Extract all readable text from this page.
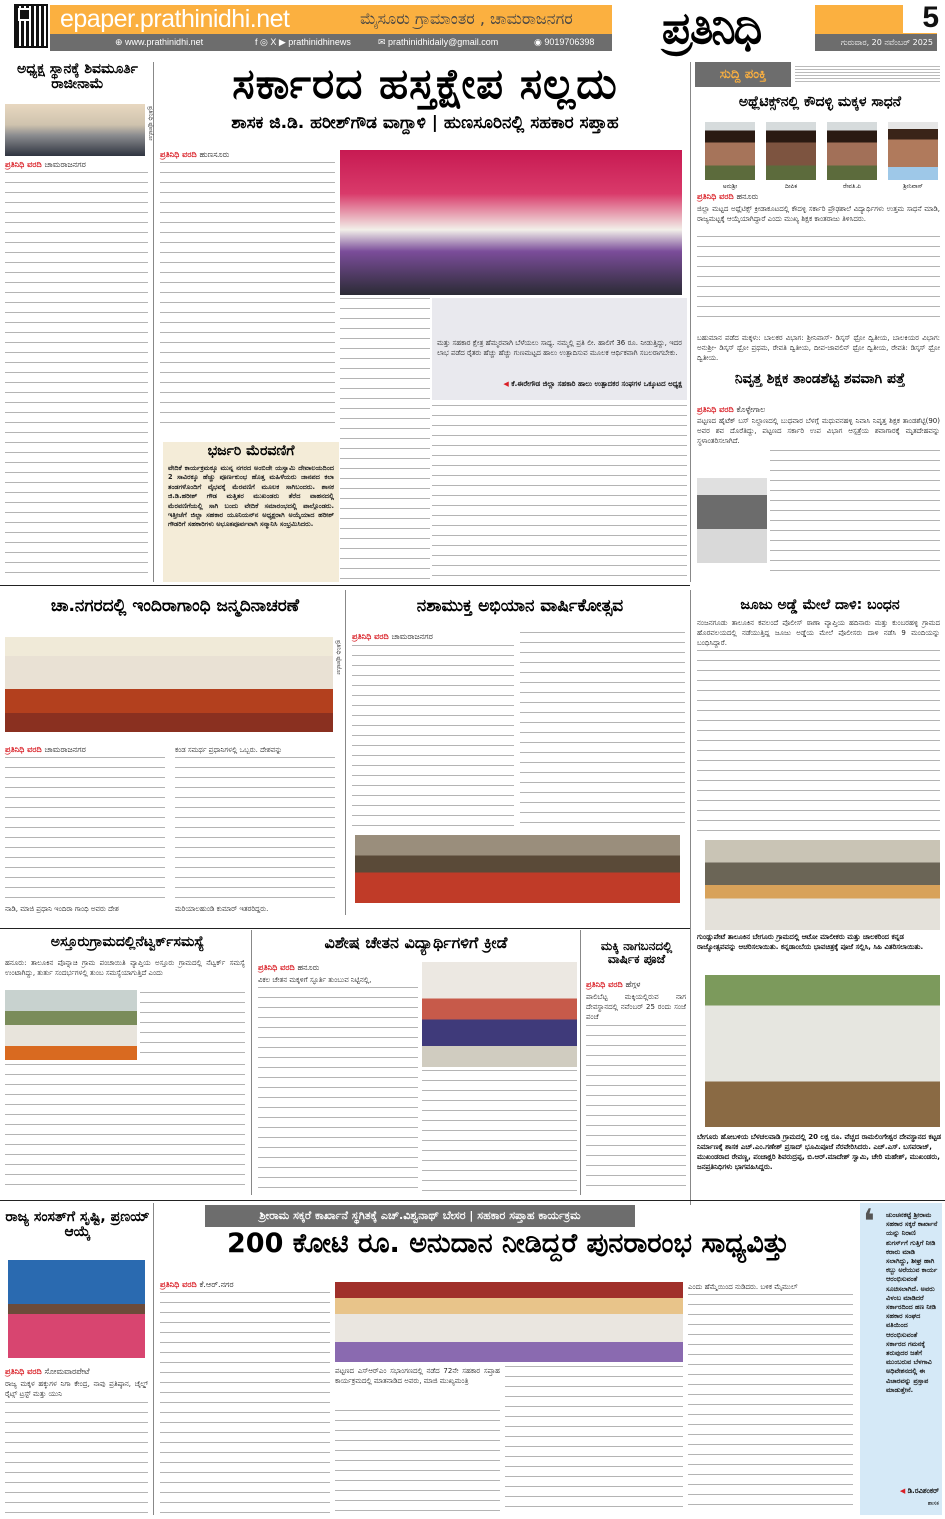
epaper.prathinidhi.net	ಮೈಸೂರು ಗ್ರಾಮಾಂತರ , ಚಾಮರಾಜನಗರ
⊕ www.prathinidhi.net	f ◎ X ▶ prathinidhinews	✉ prathinidhidaily@gmail.com	◉ 9019706398	ಪ್ರತಿನಿಧಿ	5
ಗುರುವಾರ, 20 ನವೆಂಬರ್ 2025
ಅಧ್ಯಕ್ಷ ಸ್ಥಾನಕ್ಕೆ ಶಿವಮೂರ್ತಿ ರಾಜೀನಾಮೆ
ಪ್ರತಿನಿಧಿ ಫೋಟೋ
ಪ್ರತಿನಿಧಿ ವರದಿ ಚಾಮರಾಜನಗರ
ಸರ್ಕಾರದ ಹಸ್ತಕ್ಷೇಪ ಸಲ್ಲದು
ಶಾಸಕ ಜಿ.ಡಿ. ಹರೀಶ್‌ಗೌಡ ವಾಗ್ದಾಳಿ | ಹುಣಸೂರಿನಲ್ಲಿ ಸಹಕಾರ ಸಪ್ತಾಹ
ಪ್ರತಿನಿಧಿ ವರದಿ ಹುಣಸೂರು
ಮತ್ತು ಸಹಕಾರ ಕ್ಷೇತ್ರ ಹೆಮ್ಮರವಾಗಿ ಬೆಳೆಯಲು ಸಾಧ್ಯ. ನಮ್ಮಲ್ಲಿ ಪ್ರತಿ ಲೀ. ಹಾಲಿಗೆ 36 ರೂ. ನೀಡುತ್ತಿದ್ದು, ಇದರ ಲಾಭ ಪಡೆದ ರೈತರು ಹೆಚ್ಚು ಹೆಚ್ಚು ಗುಣಮಟ್ಟದ ಹಾಲು ಉತ್ಪಾದಿಸುವ ಮೂಲಕ ಆರ್ಥಿಕವಾಗಿ ಸಬಲರಾಗಬೇಕು.
◀ ಕೆ.ಈರೇಗೌಡ ಜಿಲ್ಲಾ ಸಹಕಾರಿ ಹಾಲು ಉತ್ಪಾದಕರ ಸಂಘಗಳ ಒಕ್ಕೂಟದ ಅಧ್ಯಕ್ಷ
ಭರ್ಜರಿ ಮೆರವಣಿಗೆ
ವೇದಿಕೆ ಕಾರ್ಯಕ್ರಮಕ್ಕೂ ಮುನ್ನ ನಗರದ ಅಂಬಿಜೇ ಯಸ್ವಾಮಿ ದೇವಾಲಯದಿಂದ 2 ಸಾವಿರಕ್ಕೂ ಹೆಚ್ಚು ಪೂರ್ಣಕುಂಭ ಹೊತ್ತ ಮಹಿಳೆಯರು ಜಾನಪದ ಕಲಾ ತಂಡಗಳೊಂದಿಗೆ ವೈಭವಕ್ಕೆ ಮೆರವಣಿಗೆ ಮೂಲಕ ಸಾಗಿಬಂದರು. ಶಾಸಕ ಜಿ.ಡಿ.ಹರೀಶ್ ಗೌಡ ಮತ್ತಿತರ ಮುಖಂಡರು ತೆರೆದ ವಾಹನದಲ್ಲಿ ಮೆರವಣಿಗೆಯಲ್ಲಿ ಸಾಗಿ ಬಂದು ವೇದಿಕೆ ಸಮಾರಂಭದಲ್ಲಿ ಪಾಲ್ಗೊಂಡರು. ಇತ್ತೀಚೆಗೆ ಜಿಲ್ಲಾ ಸಹಕಾರ ಯೂನಿಯನ್‌ನ ಅಧ್ಯಕ್ಷರಾಗಿ ಅಯ್ಕೆಯಾದ ಹರೀಶ್ ಗೌಡರಿಗೆ ಸಹಕಾರಿಗಳು ಅಭೂತಪೂರ್ವವಾಗಿ ಸನ್ಮಾನಿಸಿ ಸಂಭ್ರಮಿಸಿದರು.
ಸುದ್ದಿ ಪಂಕ್ತಿ
ಅಥ್ಲೆಟಿಕ್ಸ್‌ನಲ್ಲಿ ಕೌದಳ್ಳಿ ಮಕ್ಕಳ ಸಾಧನೆ
ಅನುಶ್ರೀ	ದೀಪಿಕ	ರೇವತಿ.ಪಿ	ಶ್ರೀನಿವಾಸ್
ಪ್ರತಿನಿಧಿ ವರದಿ ಹನೂರು
ಜಿಲ್ಲಾ ಮಟ್ಟದ ಅಥ್ಲೆಟಿಕ್ಸ್ ಕ್ರೀಡಾಕೂಟದಲ್ಲಿ ಕೌದಳ್ಳಿ ಸರ್ಕಾರಿ ಪ್ರೌಢಶಾಲೆ ವಿದ್ಯಾರ್ಥಿಗಳು ಉತ್ತಮ ಸಾಧನೆ ಮಾಡಿ, ರಾಜ್ಯಮಟ್ಟಕ್ಕೆ ಆಯ್ಕೆಯಾಗಿದ್ದಾರೆ ಎಂದು ಮುಖ್ಯ ಶಿಕ್ಷಕ ಕಾಂತರಾಜು ತಿಳಿಸಿದರು.
ಬಹುಮಾನ ಪಡೆದ ಮಕ್ಕಳು: ಬಾಲಕರ ವಿಭಾಗ: ಶ್ರೀನಿವಾಸ್- ಡಿಸ್ಕಸ್ ಥ್ರೋ ದ್ವಿತೀಯ, ಬಾಲಕಿಯರ ವಿಭಾಗ: ಅನುಶ್ರೀ- ಡಿಸ್ಕಸ್ ಥ್ರೋ ಪ್ರಥಮ, ರೇವತಿ ದ್ವಿತೀಯ, ದೀಪ-ಜಾವಲಿನ್ ಥ್ರೋ ದ್ವಿತೀಯ, ರೇವತಿ: ಡಿಸ್ಕಸ್ ಥ್ರೋ ದ್ವಿತೀಯ.
ನಿವೃತ್ತ ಶಿಕ್ಷಕ ತಾಂಡಶೆಟ್ಟಿ ಶವವಾಗಿ ಪತ್ತೆ
ಪ್ರತಿನಿಧಿ ವರದಿ ಕೊಳ್ಳೇಗಾಲ
ಪಟ್ಟಣದ ಹೈಟೆಕ್ ಬಸ್ ನಿಲ್ದಾಣದಲ್ಲಿ ಬುಧವಾರ ಬೆಳಗ್ಗೆ ಮಧುವನಹಳ್ಳಿ ನಿವಾಸಿ ನಿವೃತ್ತ ಶಿಕ್ಷಕ ತಾಂಡಶೆಟ್ಟಿ(90) ಅವರ ಶವ ದೊರೆತಿದ್ದು, ಪಟ್ಟಣದ ಸರ್ಕಾರಿ ಉಪ ವಿಭಾಗ ಆಸ್ಪತ್ರೆಯ ಶವಾಗಾರಕ್ಕೆ ಮೃತದೇಹವನ್ನು ಸ್ಥಳಾಂತರಿಸಲಾಗಿದೆ.
ಚಾ.ನಗರದಲ್ಲಿ ಇಂದಿರಾಗಾಂಧಿ ಜನ್ಮದಿನಾಚರಣೆ
ಪ್ರತಿನಿಧಿ ಫೋಟೋ
ಪ್ರತಿನಿಧಿ ವರದಿ ಚಾಮರಾಜನಗರ	ಕಂಡ ಸಮರ್ಥ ಪ್ರಧಾನಿಗಳಲ್ಲಿ ಒಬ್ಬರು. ದೇಶವನ್ನು
ನಾಡಿ, ಮಾಜಿ ಪ್ರಧಾನಿ ಇಂದಿರಾ ಗಾಂಧಿ ಅವರು ದೇಶ	ಮರಿಯಾಲಹುಂಡಿ ಕುಮಾರ್ ಇತರರಿದ್ದರು.
ನಶಾಮುಕ್ತ ಅಭಿಯಾನ ವಾರ್ಷಿಕೋತ್ಸವ
ಪ್ರತಿನಿಧಿ ವರದಿ ಚಾಮರಾಜನಗರ
ಜೂಜು ಅಡ್ಡೆ ಮೇಲೆ ದಾಳಿ: ಬಂಧನ
ನಂಜನಗೂಡು ತಾಲೂಕಿನ ಕವಲಂದೆ ಪೊಲೀಸ್ ಠಾಣಾ ವ್ಯಾಪ್ತಿಯ ಹದಿನಾರು ಮತ್ತು ಕುಂಬರಹಳ್ಳಿ ಗ್ರಾಮದ ಹೊರವಲಯದಲ್ಲಿ ನಡೆಯುತ್ತಿದ್ದ ಜೂಜು ಅಡ್ಡೆಯ ಮೇಲೆ ಪೊಲೀಸರು ದಾಳಿ ನಡೆಸಿ 9 ಮಂದಿಯನ್ನು ಬಂಧಿಸಿದ್ದಾರೆ.
ಗುಂಡ್ಲುಪೇಟೆ ತಾಲೂಕಿನ ಬೇಗೂರು ಗ್ರಾಮದಲ್ಲಿ ಆಟೋ ಮಾಲೀಕರು ಮತ್ತು ಚಾಲಕರಿಂದ ಕನ್ನಡ ರಾಜ್ಯೋತ್ಸವವನ್ನು ಆಚರಿಸಲಾಯಿತು. ಕನ್ನಡಾಂಬೆಯ ಭಾವಚಿತ್ರಕ್ಕೆ ಪೂಜೆ ಸಲ್ಲಿಸಿ, ಸಿಹಿ ವಿತರಿಸಲಾಯಿತು.
ಅಸ್ತೂರುಗ್ರಾಮದಲ್ಲಿನೆಟ್ವರ್ಕ್‌ಸಮಸ್ಯೆ
ಹನೂರು: ತಾಲೂಕಿನ ಪೊನ್ನಾಚಿ ಗ್ರಾಮ ಪಂಚಾಯಿತಿ ವ್ಯಾಪ್ತಿಯ ಅಸ್ತೂರು ಗ್ರಾಮದಲ್ಲಿ ನೆಟ್ವರ್ಕ್ ಸಮಸ್ಯೆ ಉಂಟಾಗಿದ್ದು, ತುರ್ತು ಸಂದರ್ಭಗಳಲ್ಲಿ ತುಂಬ ಸಮಸ್ಯೆಯಾಗುತ್ತಿದೆ ಎಂದು
ವಿಶೇಷ ಚೇತನ ವಿದ್ಯಾರ್ಥಿಗಳಿಗೆ ಕ್ರೀಡೆ
ಪ್ರತಿನಿಧಿ ವರದಿ ಹನೂರು
ವಿಕಲ ಚೇತನ ಮಕ್ಕಳಿಗೆ ಸ್ಫೂರ್ತಿ ತುಂಬುವ ನಿಟ್ಟಿನಲ್ಲಿ,
ಮಕ್ಕಿ ನಾಗಬನದಲ್ಲಿ ವಾರ್ಷಿಕ ಪೂಜೆ
ಪ್ರತಿನಿಧಿ ವರದಿ ಹೆಗ್ಗಳ
ಪಾಲಿಬೆಟ್ಟ ಮಕ್ಕಿಯಲ್ಲಿರುವ ನಾಗ ದೇವಸ್ಥಾನದಲ್ಲಿ ನವೆಂಬರ್ 25 ರಂದು ಸಂಜೆ ಪಂಚೆ
ಬೇಗೂರು ಹೋಬಳಿಯ ಬೆಳಚಲವಾಡಿ ಗ್ರಾಮದಲ್ಲಿ 20 ಲಕ್ಷ ರೂ. ವೆಚ್ಚದ ರಾಮಲಿಂಗೇಶ್ವರ ದೇವಸ್ಥಾನದ ಕಟ್ಟಡ ನಿರ್ಮಾಣಕ್ಕೆ ಶಾಸಕ ಎಚ್.ಎಂ.ಗಣೇಶ್ ಪ್ರಸಾದ್ ಭೂಮಿಪೂಜೆ ನೆರವೇರಿಸಿದರು. ಎಚ್.ಎಸ್. ಬಸವರಾಜ್, ಮುಖಂಡರಾದ ರೇವಣ್ಣ, ಪಂಚಾಕ್ಷರಿ ಶಿವರುದ್ರಪ್ಪ, ಬಿ.ಆರ್.ಮಾದೇಶ್ ಸ್ವಾಮಿ, ಚೇರಿ ಮಹೇಶ್, ಮುಖಂಡರು, ಜನಪ್ರತಿನಿಧಿಗಳು ಭಾಗವಹಿಸಿದ್ದರು.
ರಾಜ್ಯ ಸಂಸತ್‌ಗೆ ಸೃಷ್ಟಿ, ಪ್ರಣಯ್ ಆಯ್ಕೆ
ಪ್ರತಿನಿಧಿ ವರದಿ ಸೋಮವಾರಪೇಟೆ
ರಾಜ್ಯ ಮಕ್ಕಳ ಹಕ್ಕುಗಳ ನಿಗಾ ಕೇಂದ್ರ, ನಾವು ಪ್ರತಿಷ್ಠಾನ, ಚೈಲ್ಡ್ ರೈಟ್ಸ್ ಟ್ರಸ್ಟ್ ಮತ್ತು ಯುನಿ
ಶ್ರೀರಾಮ ಸಕ್ಕರೆ ಕಾರ್ಖಾನೆ ಸ್ಥಗಿತಕ್ಕೆ ಎಚ್.ವಿಶ್ವನಾಥ್ ಬೇಸರ | ಸಹಕಾರ ಸಪ್ತಾಹ ಕಾರ್ಯಕ್ರಮ
200 ಕೋಟಿ ರೂ. ಅನುದಾನ ನೀಡಿದ್ದರೆ ಪುನರಾರಂಭ ಸಾಧ್ಯವಿತ್ತು
ಪ್ರತಿನಿಧಿ ವರದಿ ಕೆ.ಆರ್.ನಗರ
ಪಟ್ಟಣದ ಎಸ್‌ಆರ್‌ಎಂ ಸಭಾಂಗಣದಲ್ಲಿ ನಡೆದ 72ನೇ ಸಹಕಾರ ಸಪ್ತಾಹ ಕಾರ್ಯಕ್ರಮದಲ್ಲಿ ಮಾತನಾಡಿದ ಅವರು, ಮಾಜಿ ಮುಖ್ಯಮಂತ್ರಿ
ಎಂದು ಹೆಮ್ಮೆಯಿಂದ ನುಡಿದರು. ಬಳಿಕ ಮೈಮುಲ್
❛	ಚುಂಚನಕಟ್ಟೆ ಶ್ರೀರಾಮ ಸಹಕಾರ ಸಕ್ಕರೆ ಕಾರ್ಖಾನೆ ಯನ್ನು ನಿರಾಣಿ ಶುಗರ್ಸ್‌ಗೆ ಗುತ್ತಿಗೆ ನೀಡಿ ಕರಾರು ಮಾಡಿ ಸಲಾಗಿದ್ದು, ಶೀಘ್ರ ಹಾಗಿ ಕಬ್ಬು ಅರೆಯುವ ಕಾರ್ಯ ಆರಂಭಿಸುವಂತೆ ಸೂಚಿಸಲಾಗಿದೆ. ಅವರು ವಿಳಂಬ ಮಾಡಿದರೆ ಸರ್ಕಾರದಿಂದ ಹಣ ನೀಡಿ ಸಹಕಾರ ಸಂಘದ ವತಿಯಿಂದ ಆರಂಭಿಸುವಂತೆ ಸರ್ಕಾರದ ಗಮನಕ್ಕೆ ತರುವುದರ ಜತೆಗೆ ಮುಂಬರುವ ಬೆಳಗಾವಿ ಅಧಿವೇಶನದಲ್ಲಿ ಈ ವಿಚಾರವನ್ನು ಪ್ರಸ್ತಾಪ ಮಾಡುತ್ತೇನೆ.
◀ ಡಿ.ರವಿಶಂಕರ್
ಶಾಸಕ
